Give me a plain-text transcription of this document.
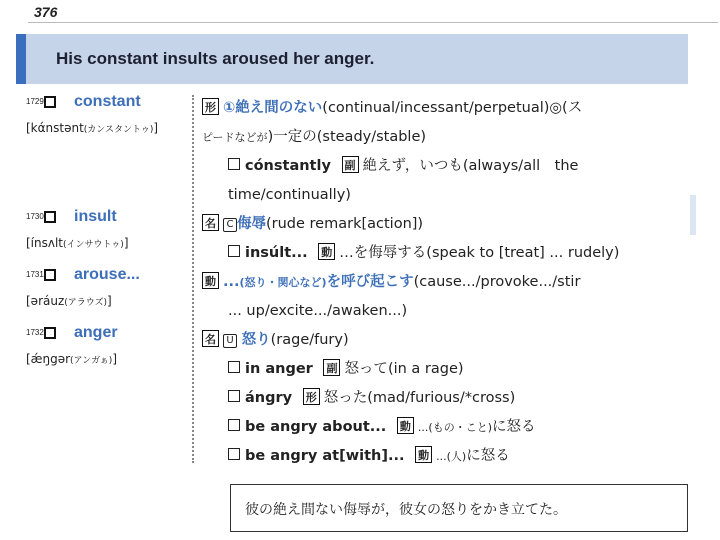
376
His constant insults aroused her anger.
1729 constant
[kάnstənt(カンスタントゥ)]
1730 insult
[ínsʌlt(インサウトゥ)]
1731 arouse...
[əráuz(アラウズ)]
1732 anger
[ǽŋgər(アンガぁ)]
形 ①絶え間のない(continual/incessant/perpetual)◎(ス
ピードなどが)一定の(steady/stable)
cónstantly 副 絶えず，いつも(always/all　the
time/continually)
名 C 侮辱(rude remark[action])
insúlt... 動 …を侮辱する(speak to [treat] ... rudely)
動 ...(怒り・関心など)を呼び起こす(cause.../provoke.../stir
... up/excite.../awaken...)
名 U 怒り(rage/fury)
in anger 副 怒って(in a rage)
ángry 形 怒った(mad/furious/*cross)
be angry about... 動 ...(もの・こと)に怒る
be angry at[with]... 動 ...(人)に怒る
彼の絶え間ない侮辱が，彼女の怒りをかき立てた。
